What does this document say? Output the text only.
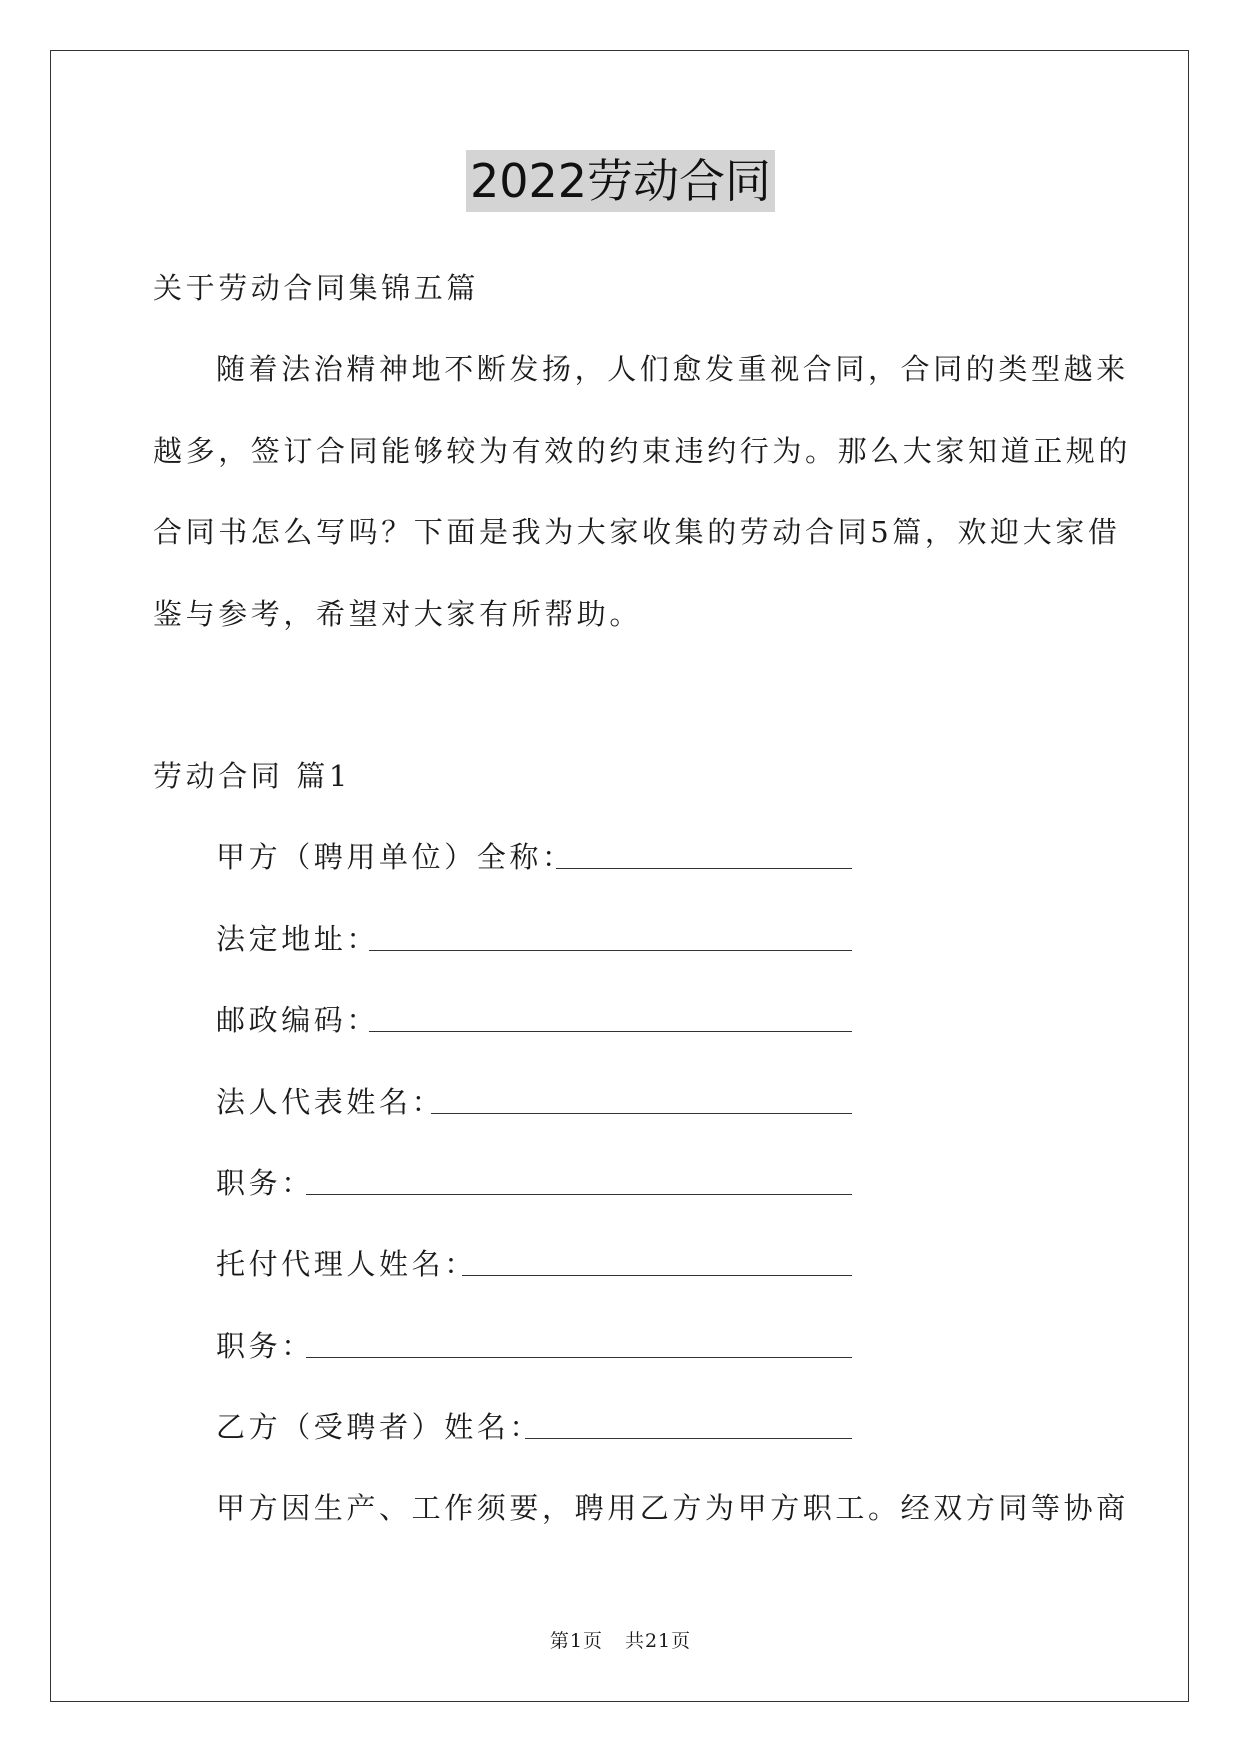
2022劳动合同
关于劳动合同集锦五篇
随着法治精神地不断发扬，人们愈发重视合同，合同的类型越来
越多，签订合同能够较为有效的约束违约行为。那么大家知道正规的
合同书怎么写吗？下面是我为大家收集的劳动合同5篇，欢迎大家借
鉴与参考，希望对大家有所帮助。
劳动合同 篇1
甲方（聘用单位）全称：
法定地址：
邮政编码：
法人代表姓名：
职务：
托付代理人姓名：
职务：
乙方（受聘者）姓名：
甲方因生产、工作须要，聘用乙方为甲方职工。经双方同等协商
第1页 共21页
